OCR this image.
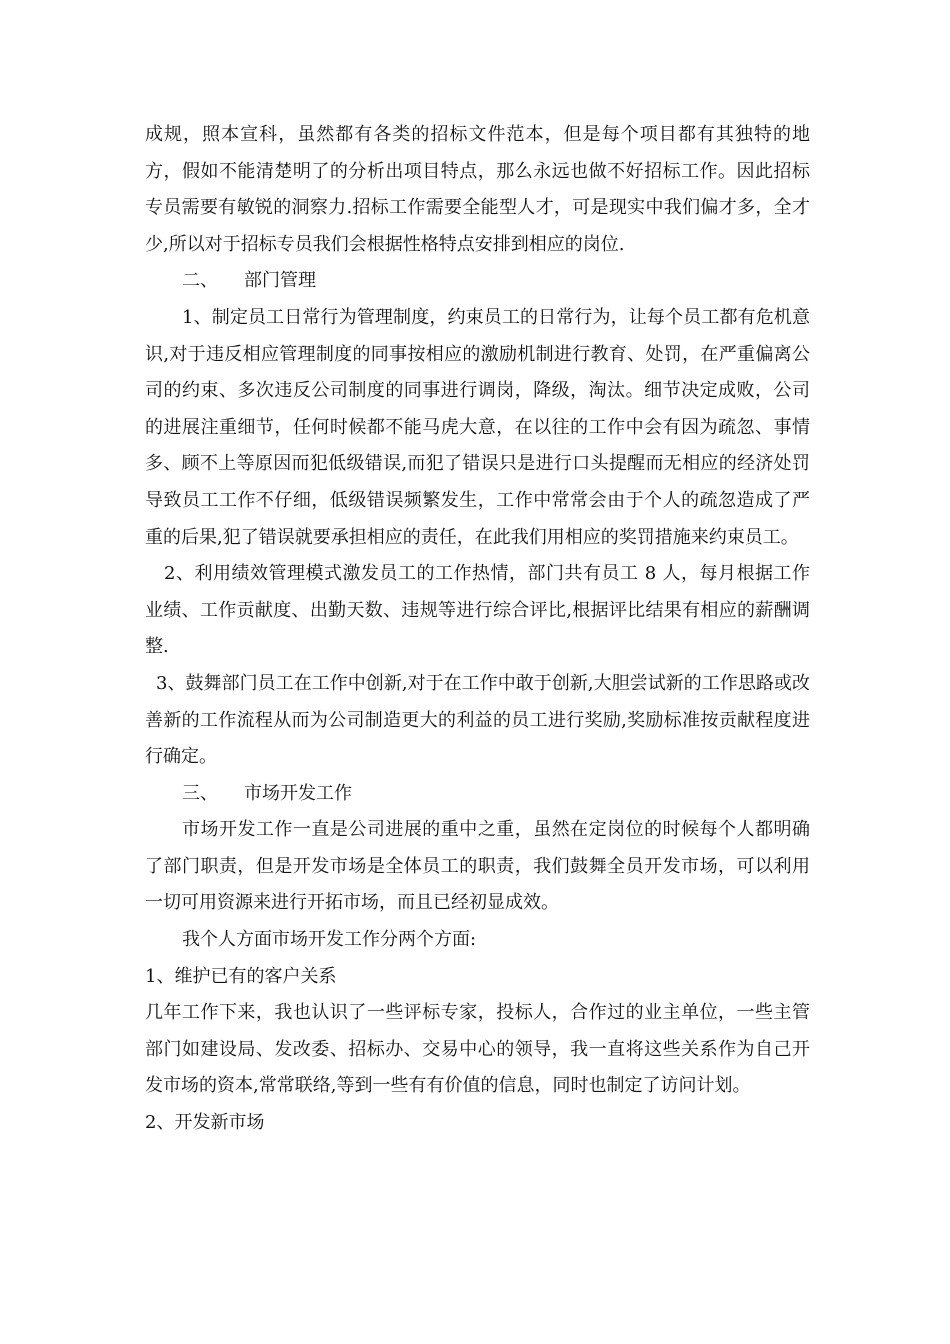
成规，照本宣科，虽然都有各类的招标文件范本，但是每个项目都有其独特的地方，假如不能清楚明了的分析出项目特点，那么永远也做不好招标工作。因此招标专员需要有敏锐的洞察力.招标工作需要全能型人才，可是现实中我们偏才多，全才少,所以对于招标专员我们会根据性格特点安排到相应的岗位.

二、 部门管理

1、制定员工日常行为管理制度，约束员工的日常行为，让每个员工都有危机意识,对于违反相应管理制度的同事按相应的激励机制进行教育、处罚，在严重偏离公司的约束、多次违反公司制度的同事进行调岗，降级，淘汰。细节决定成败，公司的进展注重细节，任何时候都不能马虎大意，在以往的工作中会有因为疏忽、事情多、顾不上等原因而犯低级错误,而犯了错误只是进行口头提醒而无相应的经济处罚导致员工工作不仔细，低级错误频繁发生，工作中常常会由于个人的疏忽造成了严重的后果,犯了错误就要承担相应的责任，在此我们用相应的奖罚措施来约束员工。

2、利用绩效管理模式激发员工的工作热情，部门共有员工 8 人，每月根据工作业绩、工作贡献度、出勤天数、违规等进行综合评比,根据评比结果有相应的薪酬调整.

3、鼓舞部门员工在工作中创新,对于在工作中敢于创新,大胆尝试新的工作思路或改善新的工作流程从而为公司制造更大的利益的员工进行奖励,奖励标准按贡献程度进行确定。

三、 市场开发工作

市场开发工作一直是公司进展的重中之重，虽然在定岗位的时候每个人都明确了部门职责，但是开发市场是全体员工的职责，我们鼓舞全员开发市场，可以利用一切可用资源来进行开拓市场，而且已经初显成效。

我个人方面市场开发工作分两个方面:

1、维护已有的客户关系

几年工作下来，我也认识了一些评标专家，投标人，合作过的业主单位，一些主管部门如建设局、发改委、招标办、交易中心的领导，我一直将这些关系作为自己开发市场的资本,常常联络,等到一些有有价值的信息，同时也制定了访问计划。

2、开发新市场
